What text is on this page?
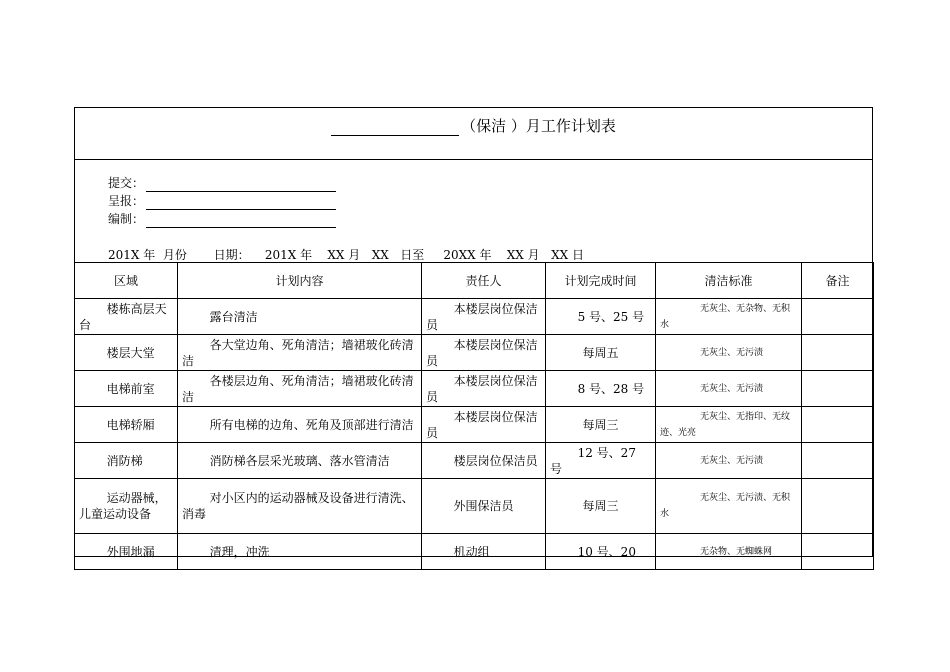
（保洁 ）月工作计划表
提交：
呈报：
编制：
201X 年  月份       日期：    201X 年    XX 月   XX   日至     20XX 年    XX 月   XX 日
区域	计划内容	责任人	计划完成时间	清洁标准	备注
楼栋高层天台	露台清洁	本楼层岗位保洁员	5 号、25 号	无灰尘、无杂物、无积水	

楼层大堂	各大堂边角、死角清洁；墙裙玻化砖清洁	本楼层岗位保洁员	每周五	无灰尘、无污渍	

电梯前室	各楼层边角、死角清洁；墙裙玻化砖清洁	本楼层岗位保洁员	8 号、28 号	无灰尘、无污渍	

电梯轿厢	所有电梯的边角、死角及顶部进行清洁	本楼层岗位保洁员	每周三	无灰尘、无指印、无纹迹、光亮	

消防梯	消防梯各层采光玻璃、落水管清洁	楼层岗位保洁员	12 号、27 号	无灰尘、无污渍	

运动器械，儿童运动设备	对小区内的运动器械及设备进行清洗、消毒	外围保洁员	每周三	无灰尘、无污渍、无积水	

外围地漏	清理，冲洗	机动组	10 号、20	无杂物、无蜘蛛网	
